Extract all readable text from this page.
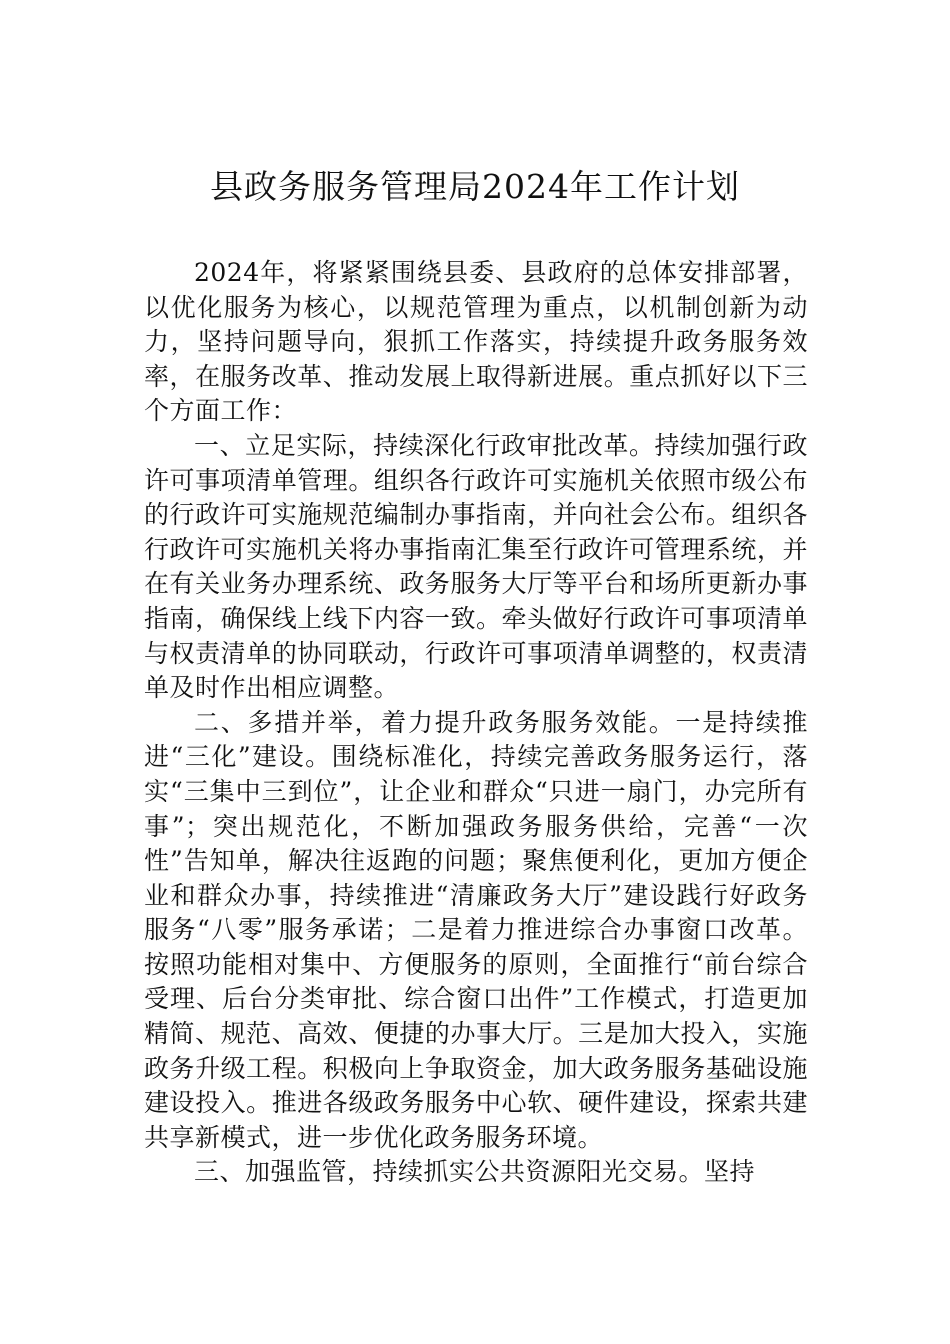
县政务服务管理局2024年工作计划

2024年，将紧紧围绕县委、县政府的总体安排部署，以优化服务为核心，以规范管理为重点，以机制创新为动力，坚持问题导向，狠抓工作落实，持续提升政务服务效率，在服务改革、推动发展上取得新进展。重点抓好以下三个方面工作：

一、立足实际，持续深化行政审批改革。持续加强行政许可事项清单管理。组织各行政许可实施机关依照市级公布的行政许可实施规范编制办事指南，并向社会公布。组织各行政许可实施机关将办事指南汇集至行政许可管理系统，并在有关业务办理系统、政务服务大厅等平台和场所更新办事指南，确保线上线下内容一致。牵头做好行政许可事项清单与权责清单的协同联动，行政许可事项清单调整的，权责清单及时作出相应调整。

二、多措并举，着力提升政务服务效能。一是持续推进“三化”建设。围绕标准化，持续完善政务服务运行，落实“三集中三到位”，让企业和群众“只进一扇门，办完所有事”；突出规范化，不断加强政务服务供给，完善“一次性”告知单，解决往返跑的问题；聚焦便利化，更加方便企业和群众办事，持续推进“清廉政务大厅”建设践行好政务服务“八零”服务承诺；二是着力推进综合办事窗口改革。按照功能相对集中、方便服务的原则，全面推行“前台综合受理、后台分类审批、综合窗口出件”工作模式，打造更加精简、规范、高效、便捷的办事大厅。三是加大投入，实施政务升级工程。积极向上争取资金，加大政务服务基础设施建设投入。推进各级政务服务中心软、硬件建设，探索共建共享新模式，进一步优化政务服务环境。

三、加强监管，持续抓实公共资源阳光交易。坚持
